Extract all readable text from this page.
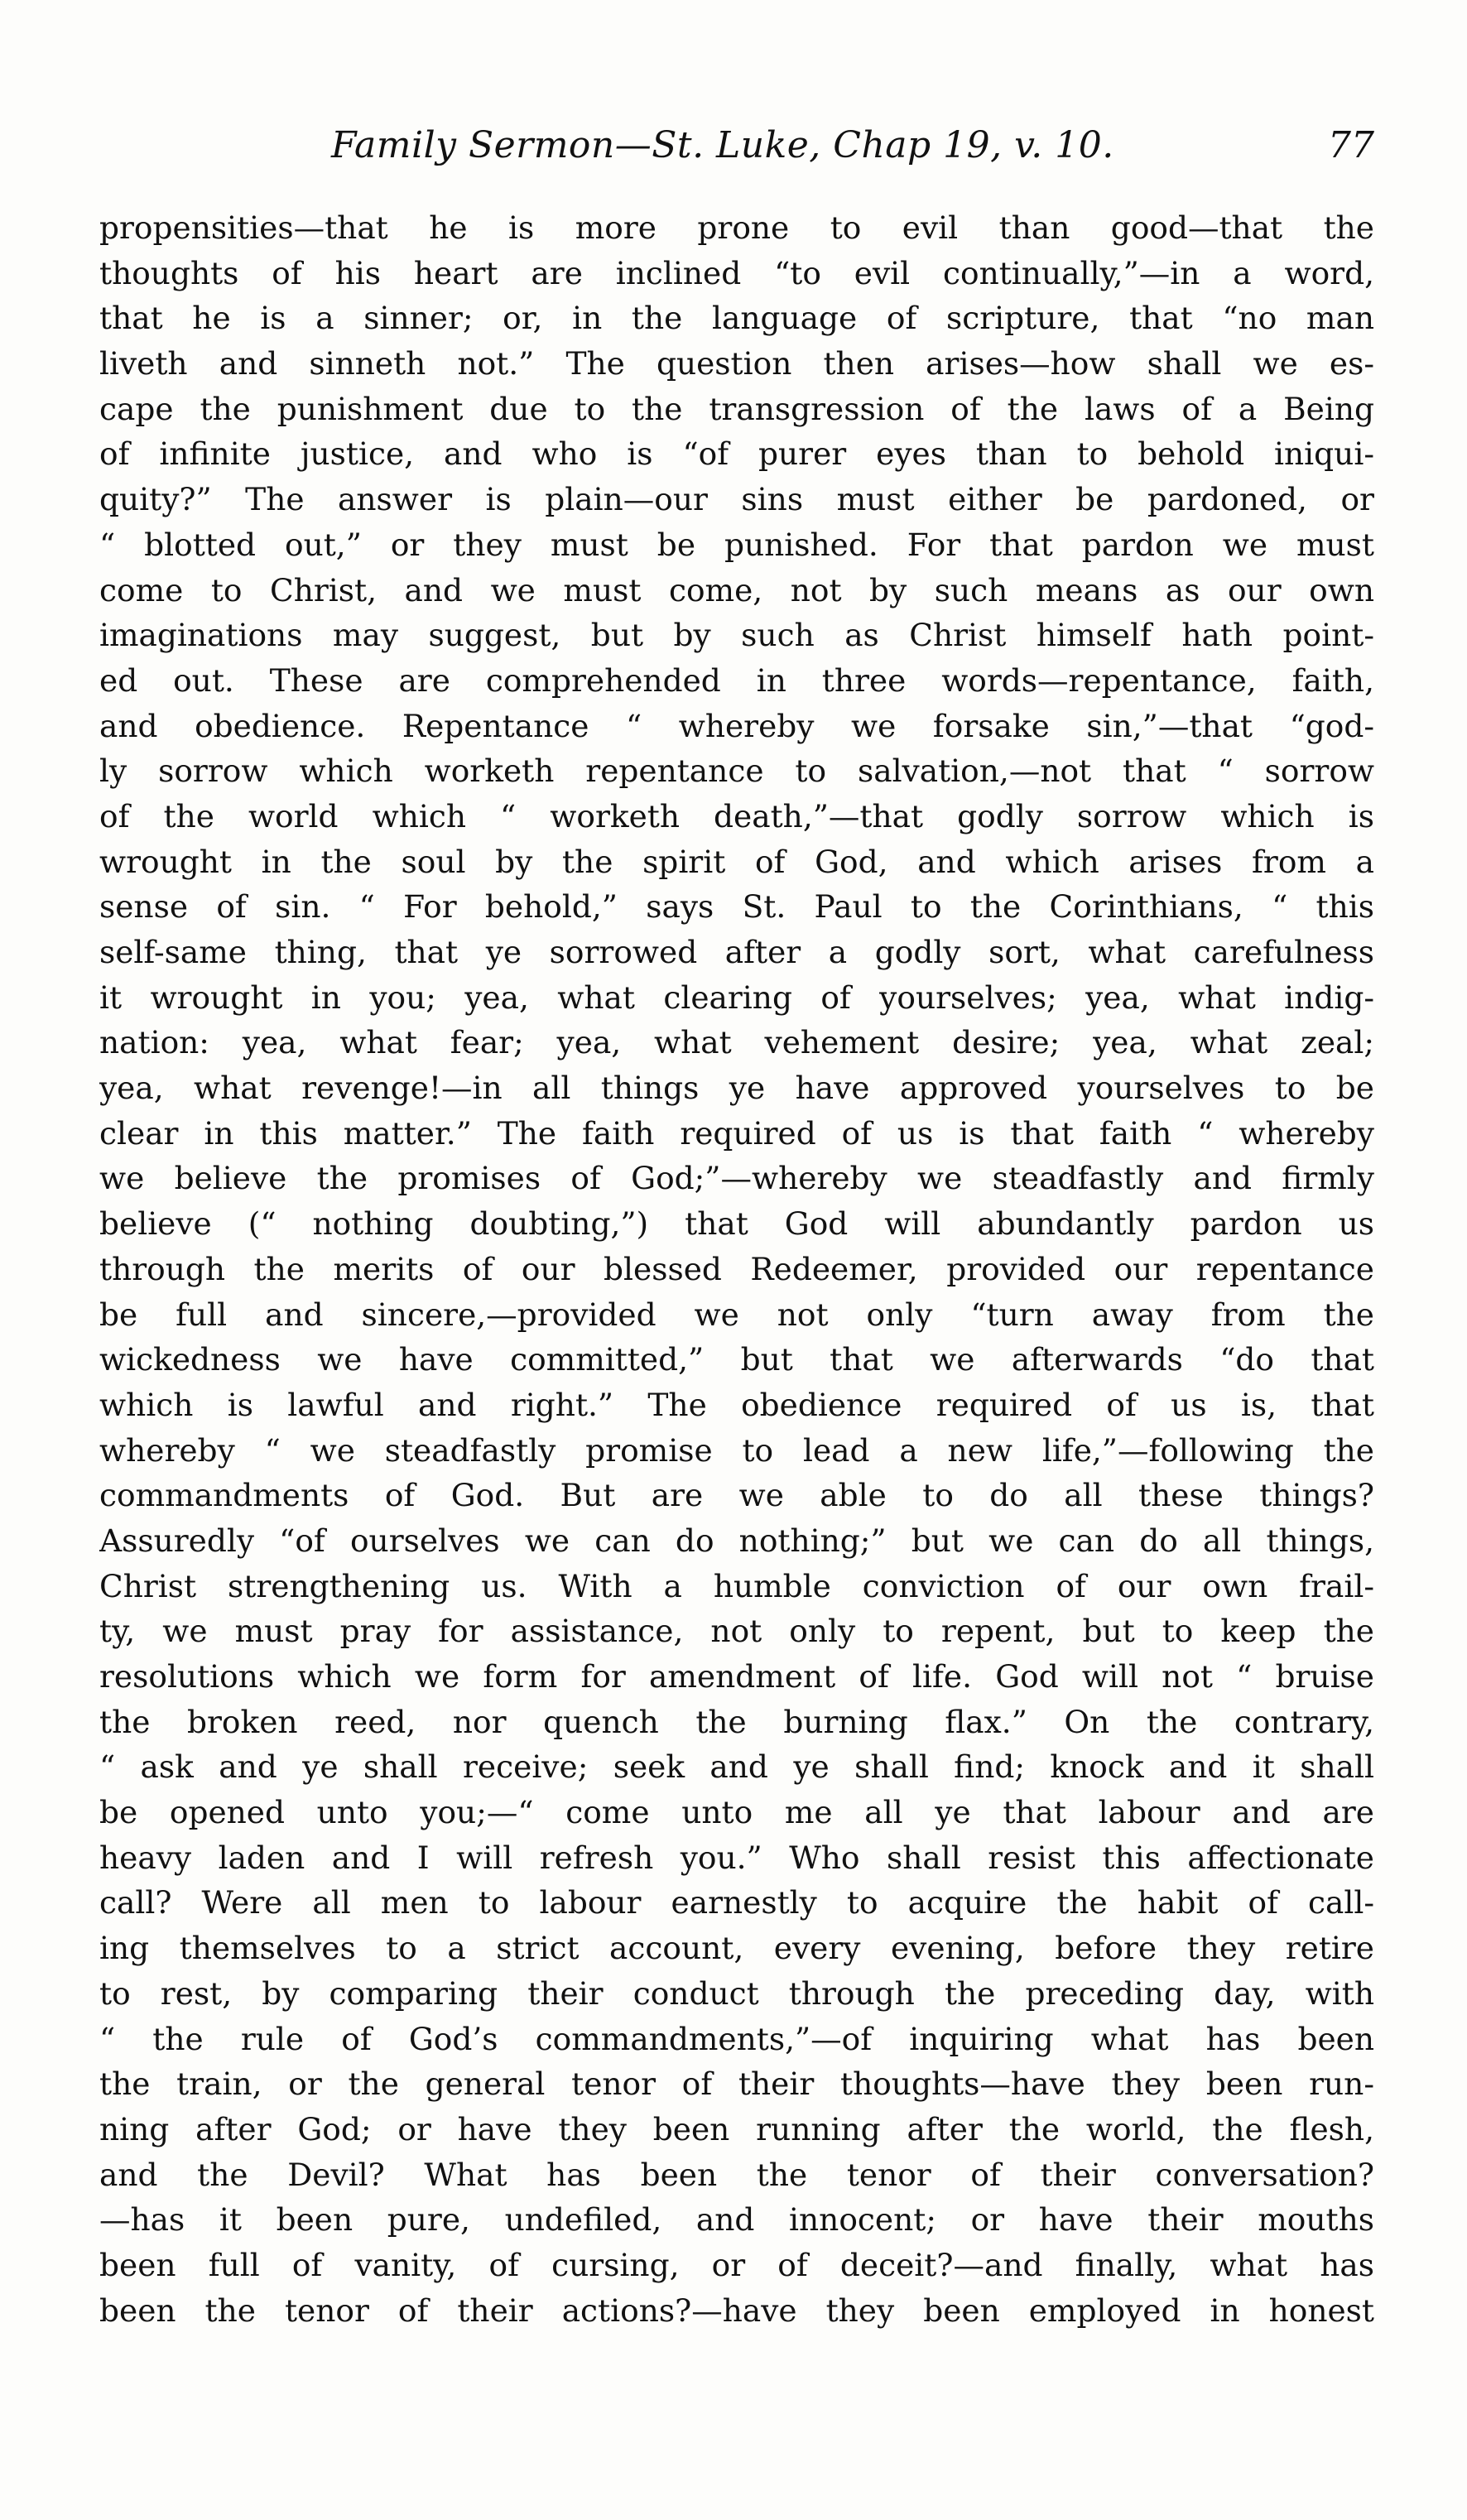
Family Sermon—St. Luke, Chap 19, v. 10.	77
propensities—that he is more prone to evil than good—that the
thoughts of his heart are inclined “to evil continually,”—in a word,
that he is a sinner; or, in the language of scripture, that “no man
liveth and sinneth not.” The question then arises—how shall we es-
cape the punishment due to the transgression of the laws of a Being
of infinite justice, and who is “of purer eyes than to behold iniqui-
quity?” The answer is plain—our sins must either be pardoned, or
“ blotted out,” or they must be punished. For that pardon we must
come to Christ, and we must come, not by such means as our own
imaginations may suggest, but by such as Christ himself hath point-
ed out. These are comprehended in three words—repentance, faith,
and obedience. Repentance “ whereby we forsake sin,”—that “god-
ly sorrow which worketh repentance to salvation,—not that “ sorrow
of the world which “ worketh death,”—that godly sorrow which is
wrought in the soul by the spirit of God, and which arises from a
sense of sin. “ For behold,” says St. Paul to the Corinthians, “ this
self-same thing, that ye sorrowed after a godly sort, what carefulness
it wrought in you; yea, what clearing of yourselves; yea, what indig-
nation: yea, what fear; yea, what vehement desire; yea, what zeal;
yea, what revenge!—in all things ye have approved yourselves to be
clear in this matter.” The faith required of us is that faith “ whereby
we believe the promises of God;”—whereby we steadfastly and firmly
believe (“ nothing doubting,”) that God will abundantly pardon us
through the merits of our blessed Redeemer, provided our repentance
be full and sincere,—provided we not only “turn away from the
wickedness we have committed,” but that we afterwards “do that
which is lawful and right.” The obedience required of us is, that
whereby “ we steadfastly promise to lead a new life,”—following the
commandments of God. But are we able to do all these things?
Assuredly “of ourselves we can do nothing;” but we can do all things,
Christ strengthening us. With a humble conviction of our own frail-
ty, we must pray for assistance, not only to repent, but to keep the
resolutions which we form for amendment of life. God will not “ bruise
the broken reed, nor quench the burning flax.” On the contrary,
“ ask and ye shall receive; seek and ye shall find; knock and it shall
be opened unto you;—“ come unto me all ye that labour and are
heavy laden and I will refresh you.” Who shall resist this affectionate
call? Were all men to labour earnestly to acquire the habit of call-
ing themselves to a strict account, every evening, before they retire
to rest, by comparing their conduct through the preceding day, with
“ the rule of God’s commandments,”—of inquiring what has been
the train, or the general tenor of their thoughts—have they been run-
ning after God; or have they been running after the world, the flesh,
and the Devil? What has been the tenor of their conversation?
—has it been pure, undefiled, and innocent; or have their mouths
been full of vanity, of cursing, or of deceit?—and finally, what has
been the tenor of their actions?—have they been employed in honest
